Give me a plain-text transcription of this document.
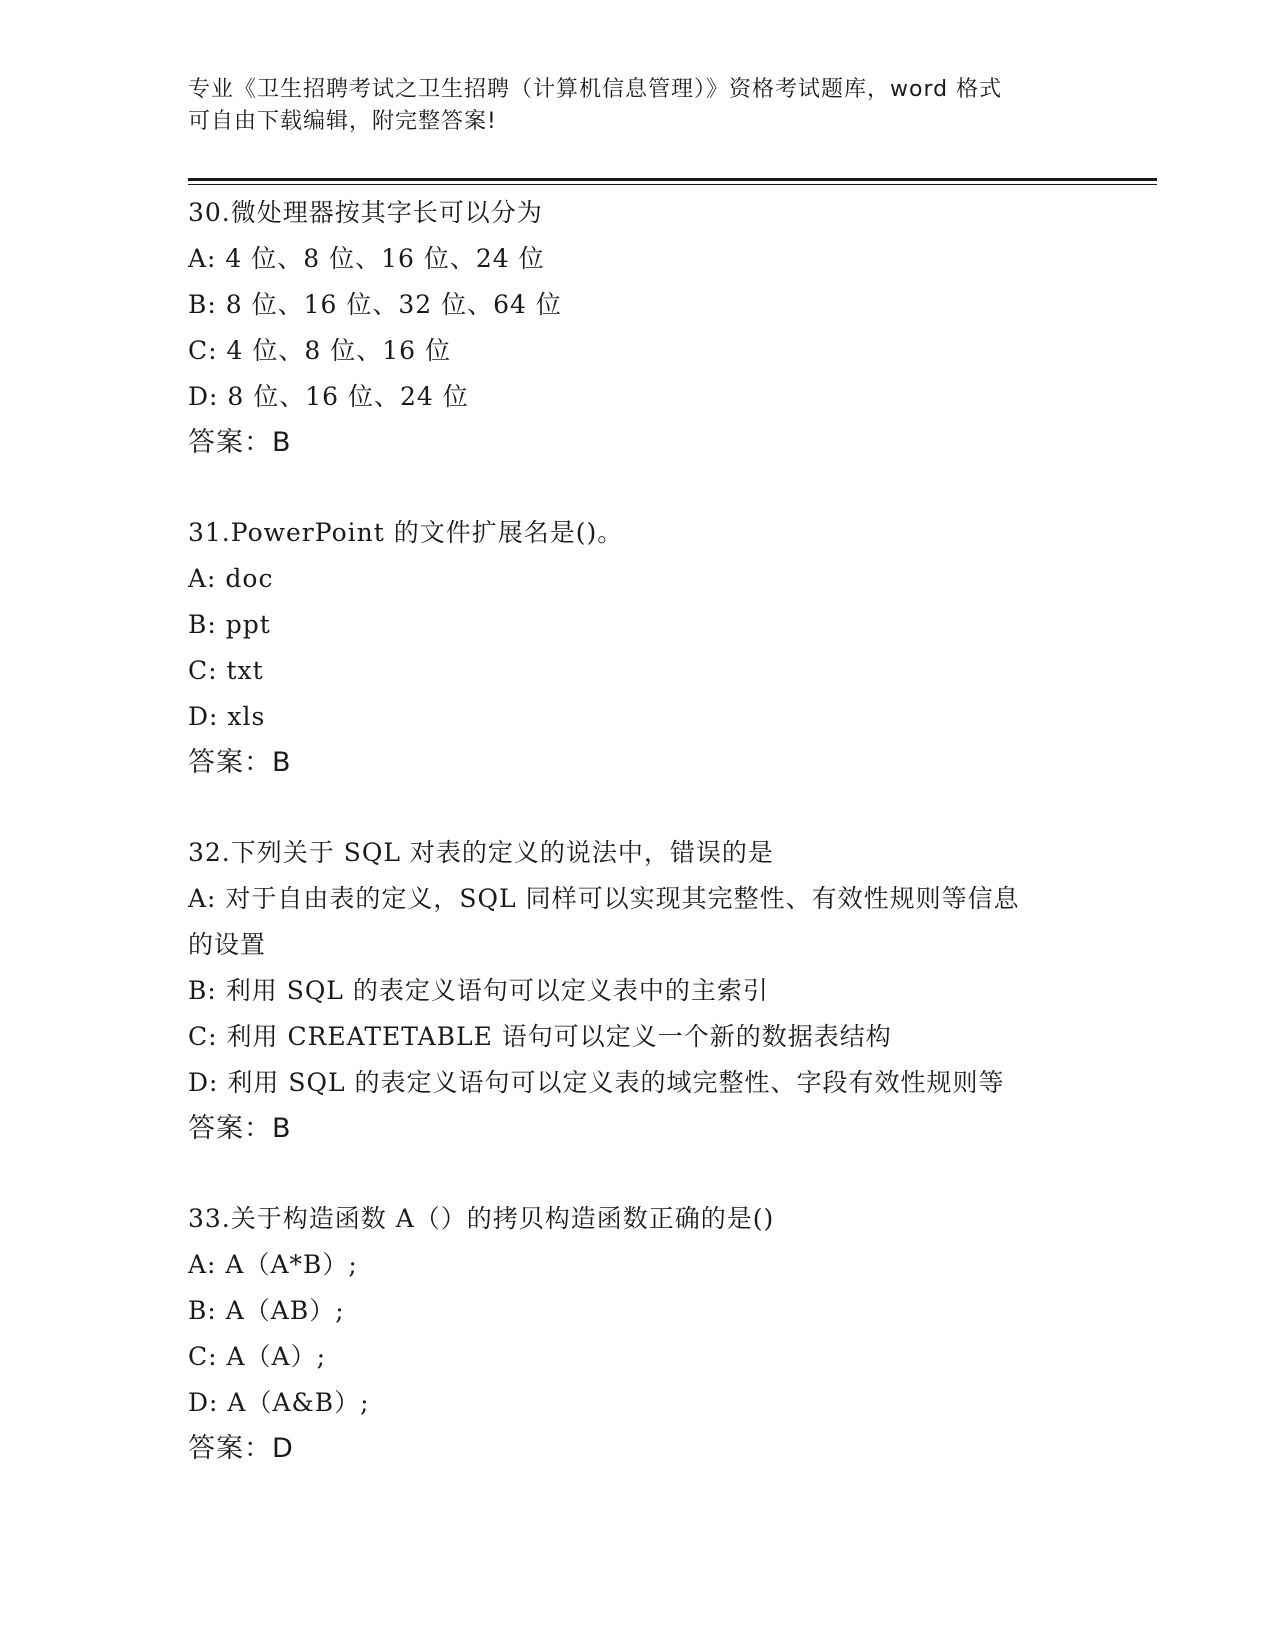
专业《卫生招聘考试之卫生招聘（计算机信息管理）》资格考试题库，word 格式
可自由下载编辑，附完整答案!
30.微处理器按其字长可以分为
A: 4 位、8 位、16 位、24 位
B: 8 位、16 位、32 位、64 位
C: 4 位、8 位、16 位
D: 8 位、16 位、24 位
答案：B
31.PowerPoint 的文件扩展名是()。
A: doc
B: ppt
C: txt
D: xls
答案：B
32.下列关于 SQL 对表的定义的说法中，错误的是
A: 对于自由表的定义，SQL 同样可以实现其完整性、有效性规则等信息的设置
B: 利用 SQL 的表定义语句可以定义表中的主索引
C: 利用 CREATETABLE 语句可以定义一个新的数据表结构
D: 利用 SQL 的表定义语句可以定义表的域完整性、字段有效性规则等
答案：B
33.关于构造函数 A（）的拷贝构造函数正确的是()
A: A（A*B）;
B: A（AB）;
C: A（A）;
D: A（A&B）;
答案：D
